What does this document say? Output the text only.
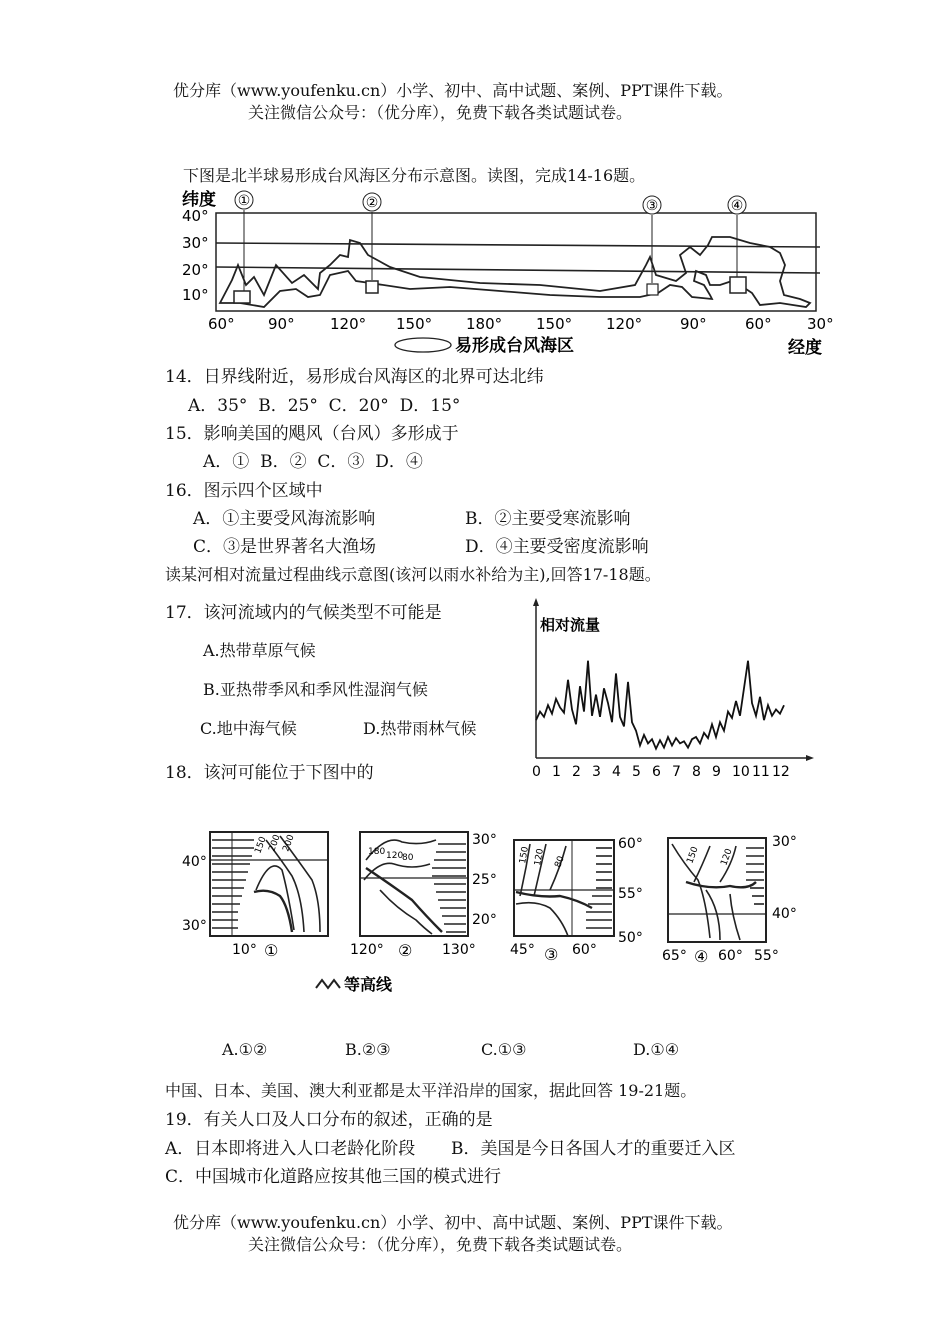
优分库（www.youfenku.cn）小学、初中、高中试题、案例、PPT课件下载。
关注微信公众号：（优分库），免费下载各类试题试卷。
下图是北半球易形成台风海区分布示意图。读图，完成14-16题。
纬度
40°
30°
20°
10°
①	②	③	④
60° 90° 120° 150° 180° 150° 120°	90°	60° 30°
易形成台风海区	经度
14．日界线附近，易形成台风海区的北界可达北纬
A．35° B．25° C．20° D．15°
15．影响美国的飓风（台风）多形成于
A．① B．② C．③ D．④
16．图示四个区域中
A．①主要受风海流影响	B．②主要受寒流影响
C．③是世界著名大渔场	D．④主要受密度流影响
读某河相对流量过程曲线示意图(该河以雨水补给为主),回答17-18题。
17．该河流域内的气候类型不可能是
A.热带草原气候
B.亚热带季风和季风性湿润气候
C.地中海气候	D.热带雨林气候
相对流量
0 1 2 3 4 5 6 7 8 9 10 11 12
18．该河可能位于下图中的
150
200
200
40°
30°
10° ①
180 120
80
30°
25°
20°
120°	130°
②
150 120 80
60°
55°
50°
45°	60°
③
150 120
30°
40°
65° 60° 55°
④
等高线
A.①②	B.②③	C.①③	D.①④
中国、日本、美国、澳大利亚都是太平洋沿岸的国家，据此回答 19-21题。
19．有关人口及人口分布的叙述，正确的是
A．日本即将进入人口老龄化阶段 B．美国是今日各国人才的重要迁入区
C．中国城市化道路应按其他三国的模式进行
优分库（www.youfenku.cn）小学、初中、高中试题、案例、PPT课件下载。
关注微信公众号：（优分库），免费下载各类试题试卷。
